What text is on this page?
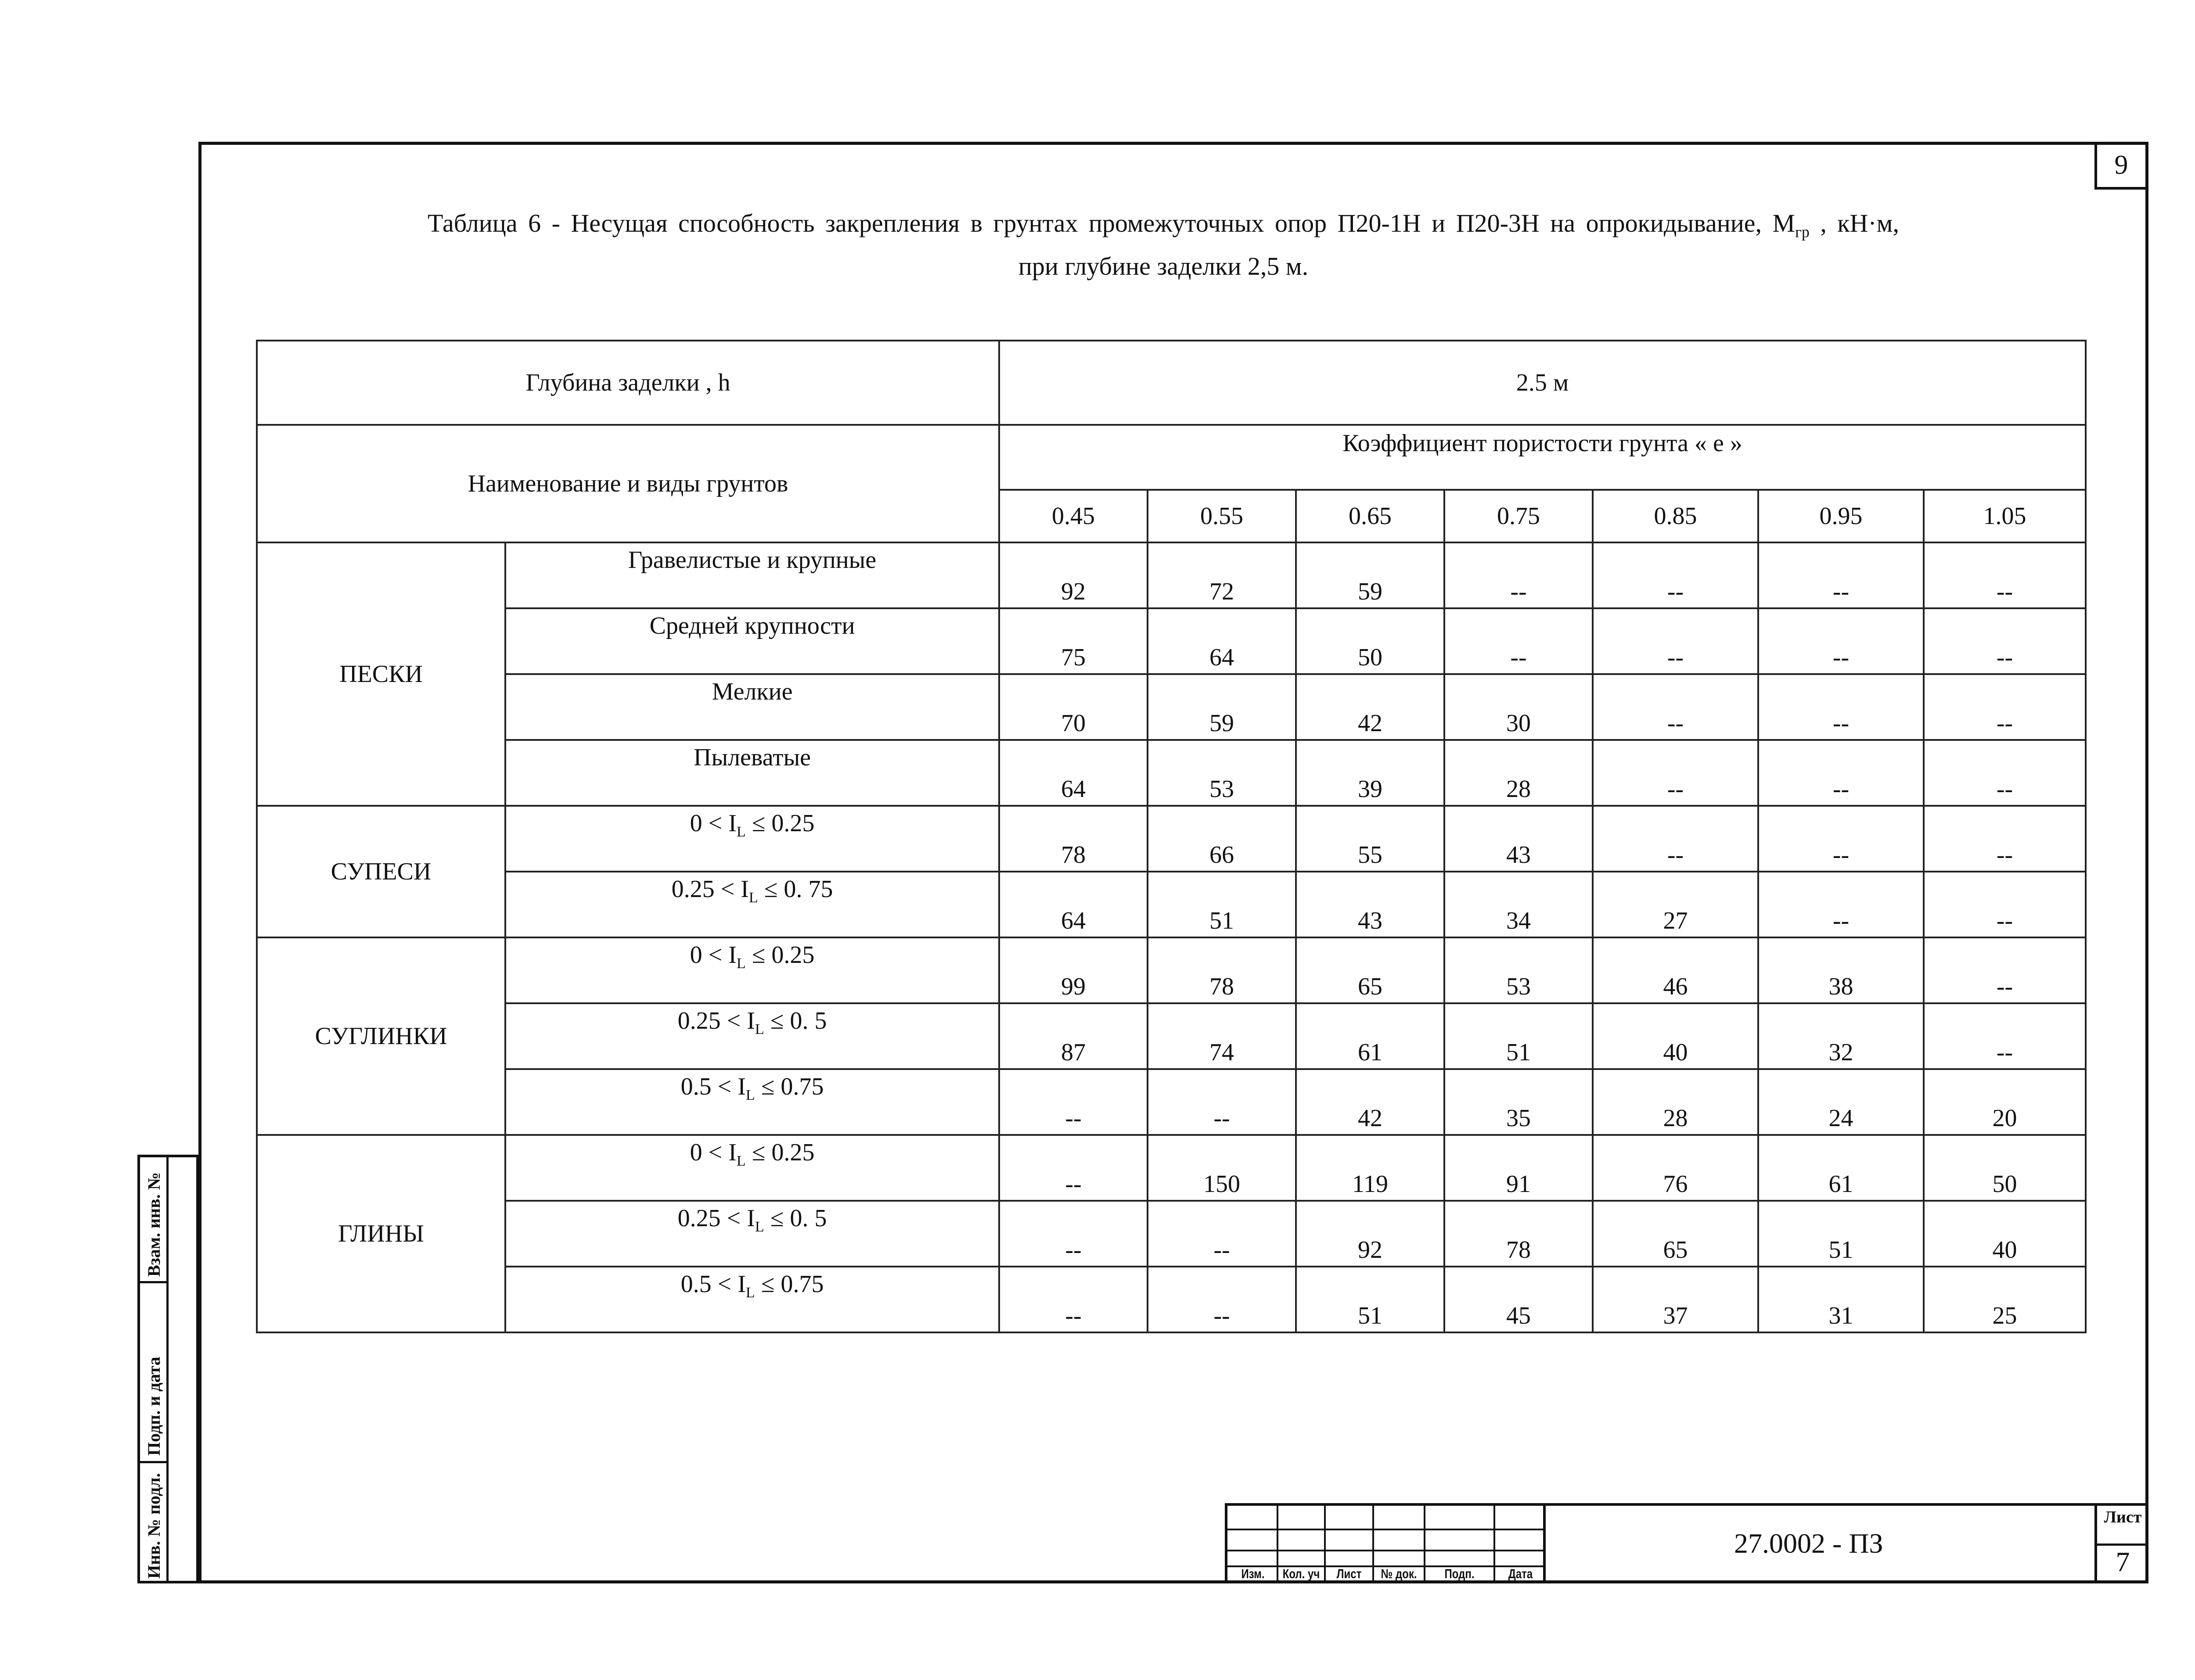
9
Таблица 6 - Несущая способность закрепления в грунтах промежуточных опор П20-1Н и П20-3Н на опрокидывание, $М_{гр}$ , кН·м,
при глубине заделки 2,5 м.
Глубина заделки , h		2.5 м						
Наименование и виды грунтов		Коэффициент пористости грунта « е »						
		0.45	0.55	0.65	0.75	0.85	0.95	1.05
ПЕСКИ	Гравелистые и крупные	92	72	59	--	--	--	--

	Средней крупности	75	64	50	--	--	--	--

	Мелкие	70	59	42	30	--	--	--

	Пылеватые	64	53	39	28	--	--	--
СУПЕСИ	$0 < I_L \le 0.25$	78	66	55	43	--	--	--

	$0.25 < I_L \le 0$. 75	64	51	43	34	27	--	--
СУГЛИНКИ	$0 < I_L \le 0.25$	99	78	65	53	46	38	--

	$0.25 < I_L \le 0$. 5	87	74	61	51	40	32	--

	$0.5 < I_L \le 0.75$	--	--	42	35	28	24	20
ГЛИНЫ	$0 < I_L \le 0.25$	--	150	119	91	76	61	50

	$0.25 < I_L \le 0$. 5	--	--	92	78	65	51	40

	$0.5 < I_L \le 0.75$	--	--	51	45	37	31	25
Взам. инв. №
Подп. и дата
Инв. № подл.	Изм.	Кол. уч	Лист	№ док.	Подп.	Дата
27.0002 - ПЗ
Лист
7
